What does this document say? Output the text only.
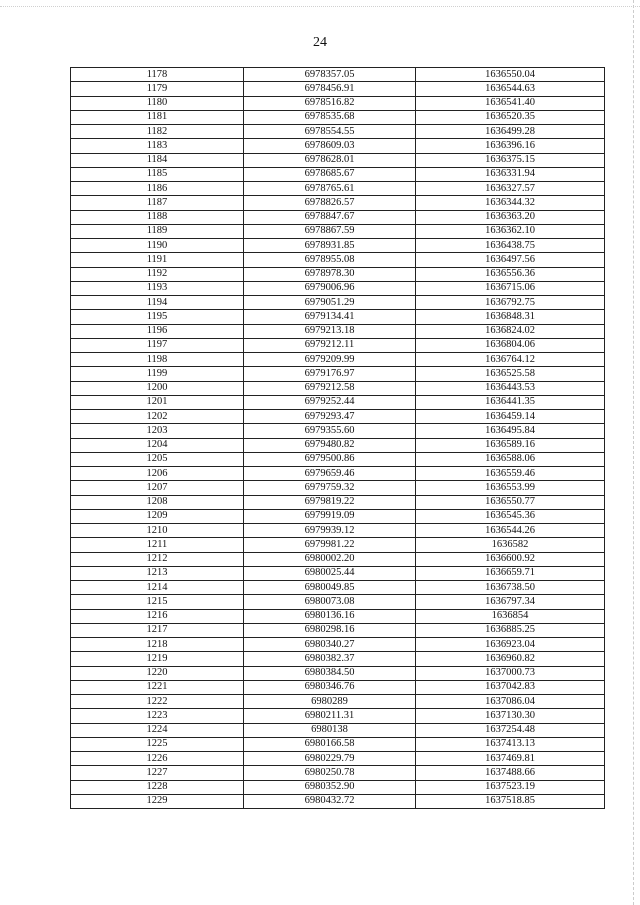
24
1178	6978357.05	1636550.04
1179	6978456.91	1636544.63
1180	6978516.82	1636541.40
1181	6978535.68	1636520.35
1182	6978554.55	1636499.28
1183	6978609.03	1636396.16
1184	6978628.01	1636375.15
1185	6978685.67	1636331.94
1186	6978765.61	1636327.57
1187	6978826.57	1636344.32
1188	6978847.67	1636363.20
1189	6978867.59	1636362.10
1190	6978931.85	1636438.75
1191	6978955.08	1636497.56
1192	6978978.30	1636556.36
1193	6979006.96	1636715.06
1194	6979051.29	1636792.75
1195	6979134.41	1636848.31
1196	6979213.18	1636824.02
1197	6979212.11	1636804.06
1198	6979209.99	1636764.12
1199	6979176.97	1636525.58
1200	6979212.58	1636443.53
1201	6979252.44	1636441.35
1202	6979293.47	1636459.14
1203	6979355.60	1636495.84
1204	6979480.82	1636589.16
1205	6979500.86	1636588.06
1206	6979659.46	1636559.46
1207	6979759.32	1636553.99
1208	6979819.22	1636550.77
1209	6979919.09	1636545.36
1210	6979939.12	1636544.26
1211	6979981.22	1636582
1212	6980002.20	1636600.92
1213	6980025.44	1636659.71
1214	6980049.85	1636738.50
1215	6980073.08	1636797.34
1216	6980136.16	1636854
1217	6980298.16	1636885.25
1218	6980340.27	1636923.04
1219	6980382.37	1636960.82
1220	6980384.50	1637000.73
1221	6980346.76	1637042.83
1222	6980289	1637086.04
1223	6980211.31	1637130.30
1224	6980138	1637254.48
1225	6980166.58	1637413.13
1226	6980229.79	1637469.81
1227	6980250.78	1637488.66
1228	6980352.90	1637523.19
1229	6980432.72	1637518.85
